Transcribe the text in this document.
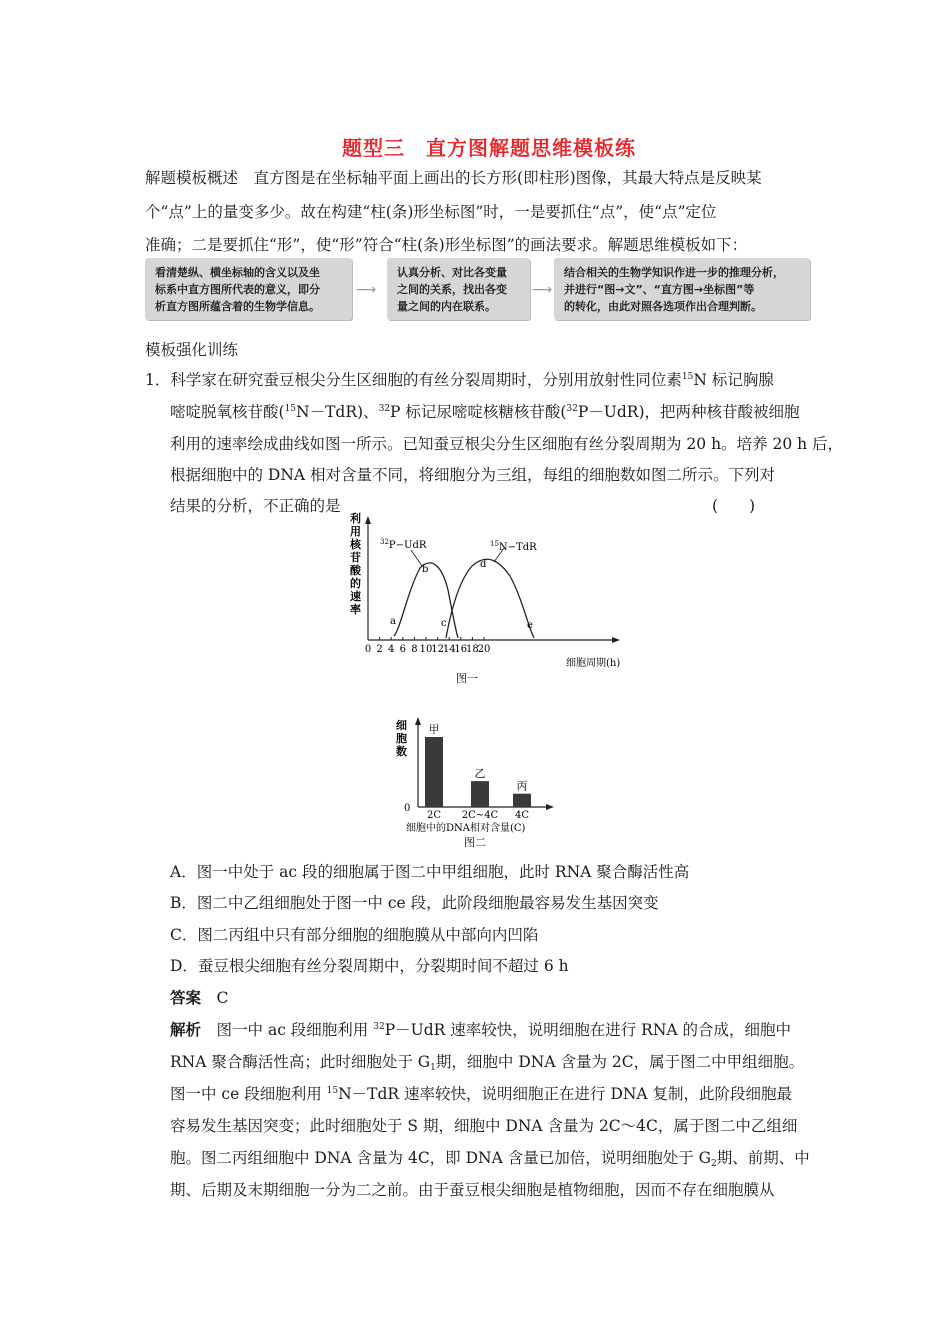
题型三　直方图解题思维模板练
解题模板概述　 直方图是在坐标轴平面上画出的长方形(即柱形)图像，其最大特点是反映某
个“点”上的量变多少。故在构建“柱(条)形坐标图”时，一是要抓住“点”，使“点”定位
准确；二是要抓住“形”，使“形”符合“柱(条)形坐标图”的画法要求。解题思维模板如下：
看清楚纵、横坐标轴的含义以及坐
标系中直方图所代表的意义，即分
析直方图所蕴含着的生物学信息。
⟶
认真分析、对比各变量
之间的关系，找出各变
量之间的内在联系。
⟶
结合相关的生物学知识作进一步的推理分析，
并进行“图→文”、“直方图→坐标图”等
的转化，由此对照各选项作出合理判断。
模板强化训练
1．科学家在研究蚕豆根尖分生区细胞的有丝分裂周期时，分别用放射性同位素$^{15}$N 标记胸腺
嘧啶脱氧核苷酸($^{15}$N－TdR)、$^{32}$P 标记尿嘧啶核糖核苷酸($^{32}$P－UdR)，把两种核苷酸被细胞
利用的速率绘成曲线如图一所示。已知蚕豆根尖分生区细胞有丝分裂周期为 20 h。培养 20 h 后，
根据细胞中的 DNA 相对含量不同，将细胞分为三组，每组的细胞数如图二所示。下列对
结果的分析，不正确的是	(　　)
利
用
核
苷
酸
的
速
率
0 2 4 6 8 10
12
14
16
18
20
$^{32}$P−UdR	$^{15}$N−TdR
a
b
c
d
e
细胞周期(h)
图一
细
胞
数
0
甲
2C
乙
2C~4C
丙
4C
细胞中的DNA相对含量(C)
图二
A．图一中处于 ac 段的细胞属于图二中甲组细胞，此时 RNA 聚合酶活性高
B．图二中乙组细胞处于图一中 ce 段，此阶段细胞最容易发生基因突变
C．图二丙组中只有部分细胞的细胞膜从中部向内凹陷
D．蚕豆根尖细胞有丝分裂周期中，分裂期时间不超过 6 h
答案　 C
解析　 图一中 ac 段细胞利用 $^{32}$P－UdR 速率较快，说明细胞在进行 RNA 的合成，细胞中
RNA 聚合酶活性高；此时细胞处于 $G_1$期，细胞中 DNA 含量为 2C，属于图二中甲组细胞。
图一中 ce 段细胞利用 $^{15}$N－TdR 速率较快，说明细胞正在进行 DNA 复制，此阶段细胞最
容易发生基因突变；此时细胞处于 S 期，细胞中 DNA 含量为 2C～4C，属于图二中乙组细
胞。图二丙组细胞中 DNA 含量为 4C，即 DNA 含量已加倍，说明细胞处于 $G_2$期、前期、中
期、后期及末期细胞一分为二之前。由于蚕豆根尖细胞是植物细胞，因而不存在细胞膜从
